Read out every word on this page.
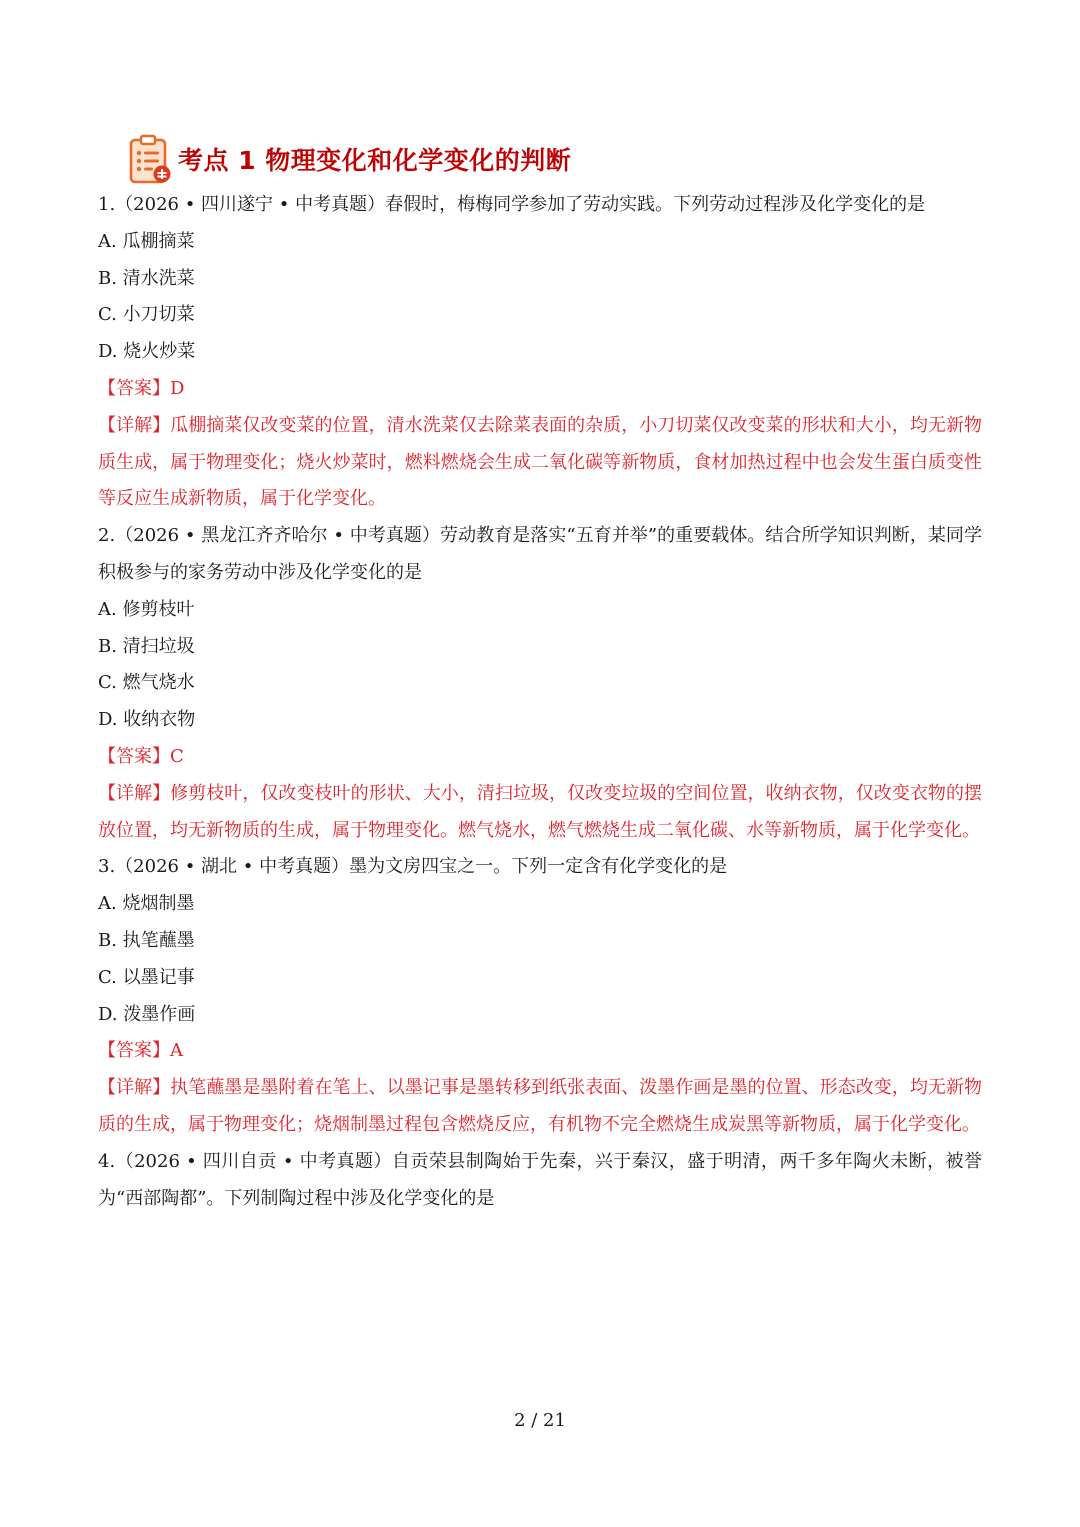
考点 1 物理变化和化学变化的判断
1.（2026 • 四川遂宁 • 中考真题）春假时，梅梅同学参加了劳动实践。下列劳动过程涉及化学变化的是
A. 瓜棚摘菜
B. 清水洗菜
C. 小刀切菜
D. 烧火炒菜
【答案】D
【详解】瓜棚摘菜仅改变菜的位置，清水洗菜仅去除菜表面的杂质，小刀切菜仅改变菜的形状和大小，均无新物质生成，属于物理变化；烧火炒菜时，燃料燃烧会生成二氧化碳等新物质，食材加热过程中也会发生蛋白质变性等反应生成新物质，属于化学变化。
2.（2026 • 黑龙江齐齐哈尔 • 中考真题）劳动教育是落实“五育并举”的重要载体。结合所学知识判断，某同学积极参与的家务劳动中涉及化学变化的是
A. 修剪枝叶
B. 清扫垃圾
C. 燃气烧水
D. 收纳衣物
【答案】C
【详解】修剪枝叶，仅改变枝叶的形状、大小，清扫垃圾，仅改变垃圾的空间位置，收纳衣物，仅改变衣物的摆放位置，均无新物质的生成，属于物理变化。燃气烧水，燃气燃烧生成二氧化碳、水等新物质，属于化学变化。
3.（2026 • 湖北 • 中考真题）墨为文房四宝之一。下列一定含有化学变化的是
A. 烧烟制墨
B. 执笔蘸墨
C. 以墨记事
D. 泼墨作画
【答案】A
【详解】执笔蘸墨是墨附着在笔上、以墨记事是墨转移到纸张表面、泼墨作画是墨的位置、形态改变，均无新物质的生成，属于物理变化；烧烟制墨过程包含燃烧反应，有机物不完全燃烧生成炭黑等新物质，属于化学变化。
4.（2026 • 四川自贡 • 中考真题）自贡荣县制陶始于先秦，兴于秦汉，盛于明清，两千多年陶火未断，被誉为“西部陶都”。下列制陶过程中涉及化学变化的是
2 / 21
